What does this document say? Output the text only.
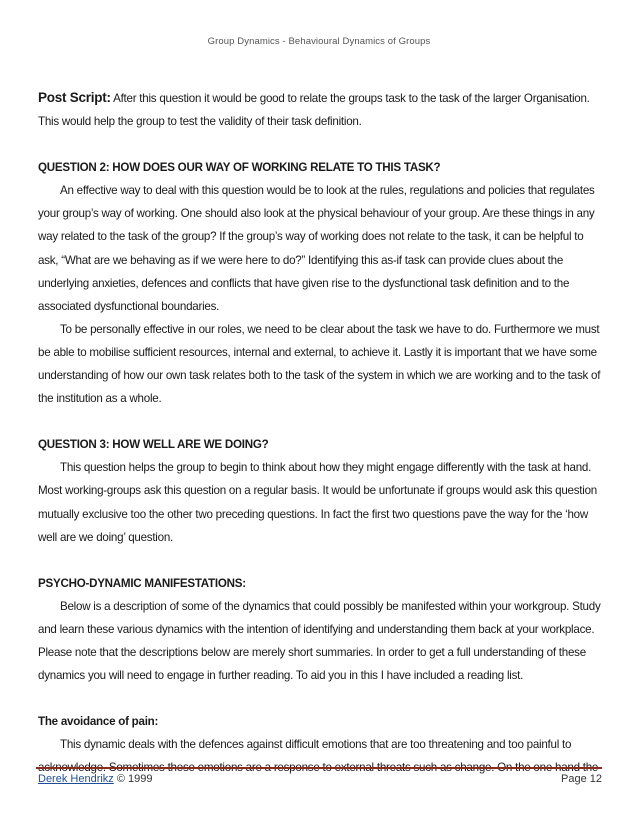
Group Dynamics - Behavioural Dynamics of Groups

Post Script: After this question it would be good to relate the groups task to the task of the larger Organisation. This would help the group to test the validity of their task definition.

QUESTION 2: HOW DOES OUR WAY OF WORKING RELATE TO THIS TASK?

An effective way to deal with this question would be to look at the rules, regulations and policies that regulates your group’s way of working. One should also look at the physical behaviour of your group. Are these things in any way related to the task of the group? If the group’s way of working does not relate to the task, it can be helpful to ask, “What are we behaving as if we were here to do?” Identifying this as-if task can provide clues about the underlying anxieties, defences and conflicts that have given rise to the dysfunctional task definition and to the associated dysfunctional boundaries.

To be personally effective in our roles, we need to be clear about the task we have to do. Furthermore we must be able to mobilise sufficient resources, internal and external, to achieve it. Lastly it is important that we have some understanding of how our own task relates both to the task of the system in which we are working and to the task of the institution as a whole.

QUESTION 3: HOW WELL ARE WE DOING?

This question helps the group to begin to think about how they might engage differently with the task at hand. Most working-groups ask this question on a regular basis. It would be unfortunate if groups would ask this question mutually exclusive too the other two preceding questions. In fact the first two questions pave the way for the ‘how well are we doing’ question.

PSYCHO-DYNAMIC MANIFESTATIONS:

Below is a description of some of the dynamics that could possibly be manifested within your workgroup. Study and learn these various dynamics with the intention of identifying and understanding them back at your workplace. Please note that the descriptions below are merely short summaries. In order to get a full understanding of these dynamics you will need to engage in further reading. To aid you in this I have included a reading list.

The avoidance of pain:

This dynamic deals with the defences against difficult emotions that are too threatening and too painful to acknowledge. Sometimes these emotions are a response to external threats such as change. On the one hand the

Derek Hendrikz © 1999	Page 12
